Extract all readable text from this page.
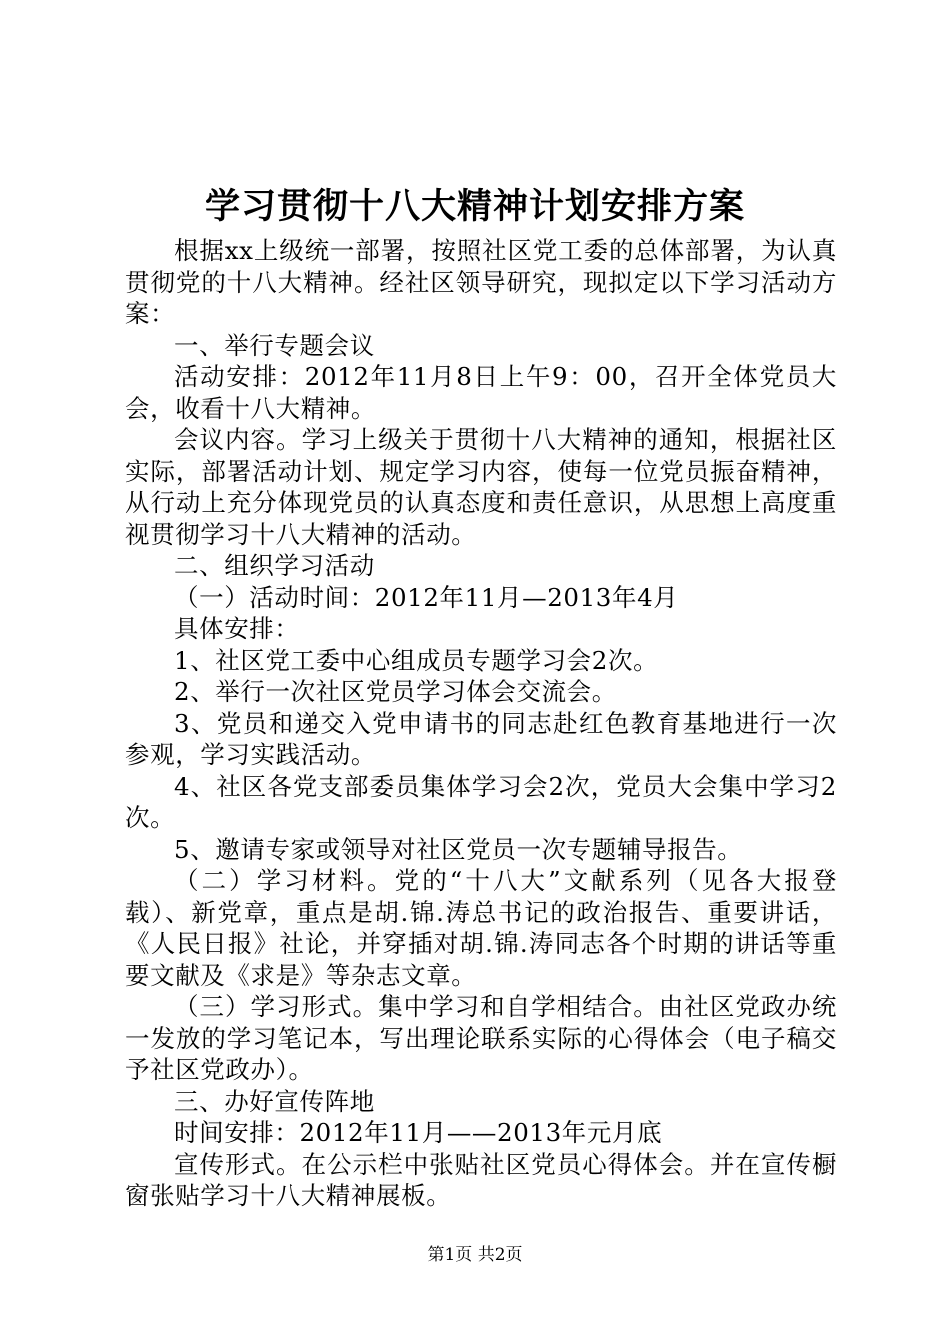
学习贯彻十八大精神计划安排方案

根据xx上级统一部署，按照社区党工委的总体部署，为认真贯彻党的十八大精神。经社区领导研究，现拟定以下学习活动方案：

一、举行专题会议

活动安排：2012年11月8日上午9：00，召开全体党员大会，收看十八大精神。

会议内容。学习上级关于贯彻十八大精神的通知，根据社区实际，部署活动计划、规定学习内容，使每一位党员振奋精神，从行动上充分体现党员的认真态度和责任意识，从思想上高度重视贯彻学习十八大精神的活动。

二、组织学习活动

（一）活动时间：2012年11月—2013年4月

具体安排：

1、社区党工委中心组成员专题学习会2次。

2、举行一次社区党员学习体会交流会。

3、党员和递交入党申请书的同志赴红色教育基地进行一次参观，学习实践活动。

4、社区各党支部委员集体学习会2次，党员大会集中学习2次。

5、邀请专家或领导对社区党员一次专题辅导报告。

（二）学习材料。党的“十八大”文献系列（见各大报登载）、新党章，重点是胡.锦.涛总书记的政治报告、重要讲话，《人民日报》社论，并穿插对胡.锦.涛同志各个时期的讲话等重要文献及《求是》等杂志文章。

（三）学习形式。集中学习和自学相结合。由社区党政办统一发放的学习笔记本，写出理论联系实际的心得体会（电子稿交予社区党政办）。

三、办好宣传阵地

时间安排：2012年11月——2013年元月底

宣传形式。在公示栏中张贴社区党员心得体会。并在宣传橱窗张贴学习十八大精神展板。

第1页 共2页
